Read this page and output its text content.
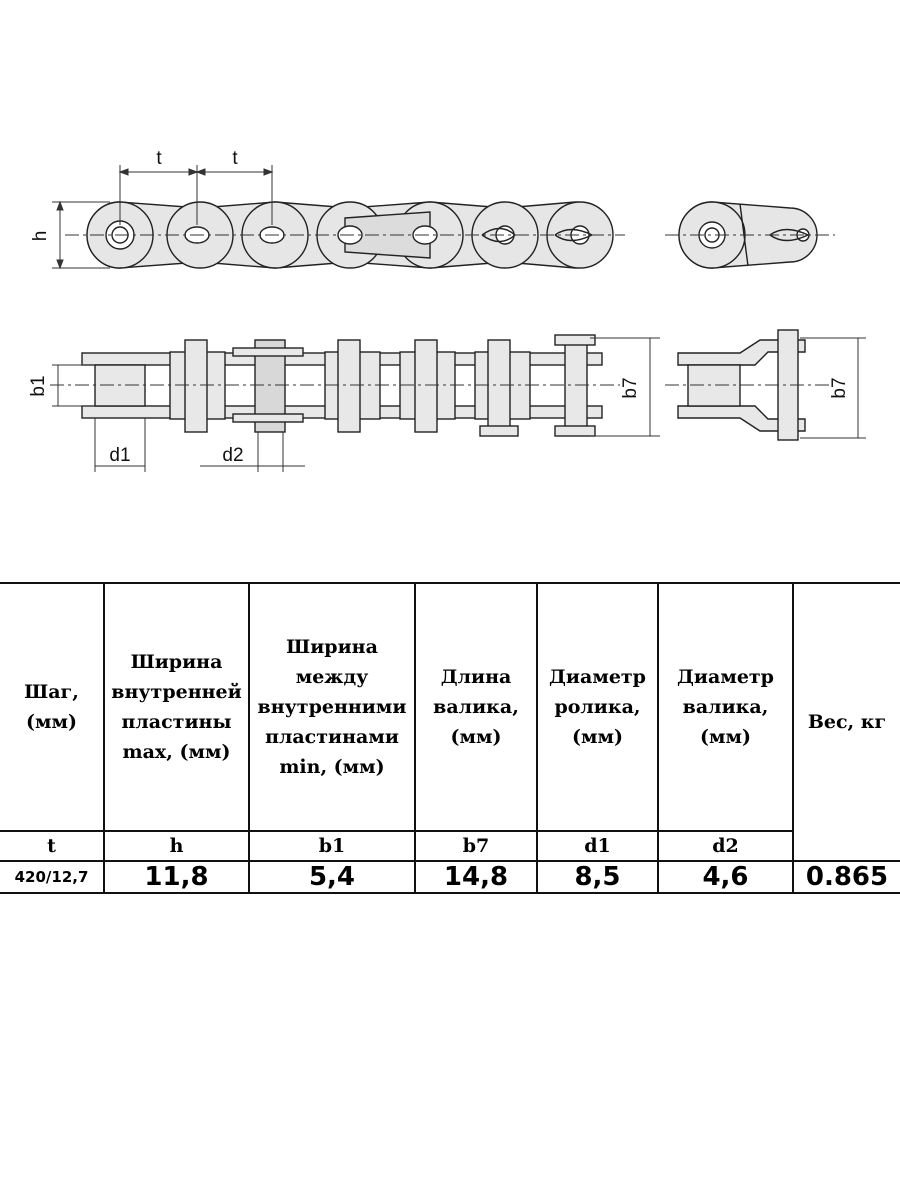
t	t
h
b1	b7
d1	d2
b7
Шаг, (мм)	Ширина внутренней пластины max, (мм)	Ширина между внутренними пластинами min, (мм)	Длина валика, (мм)	Диаметр ролика, (мм)	Диаметр валика, (мм)	Вес, кг
t	h	b1	b7	d1	d2	
420/12,7	11,8	5,4	14,8	8,5	4,6	0.865
